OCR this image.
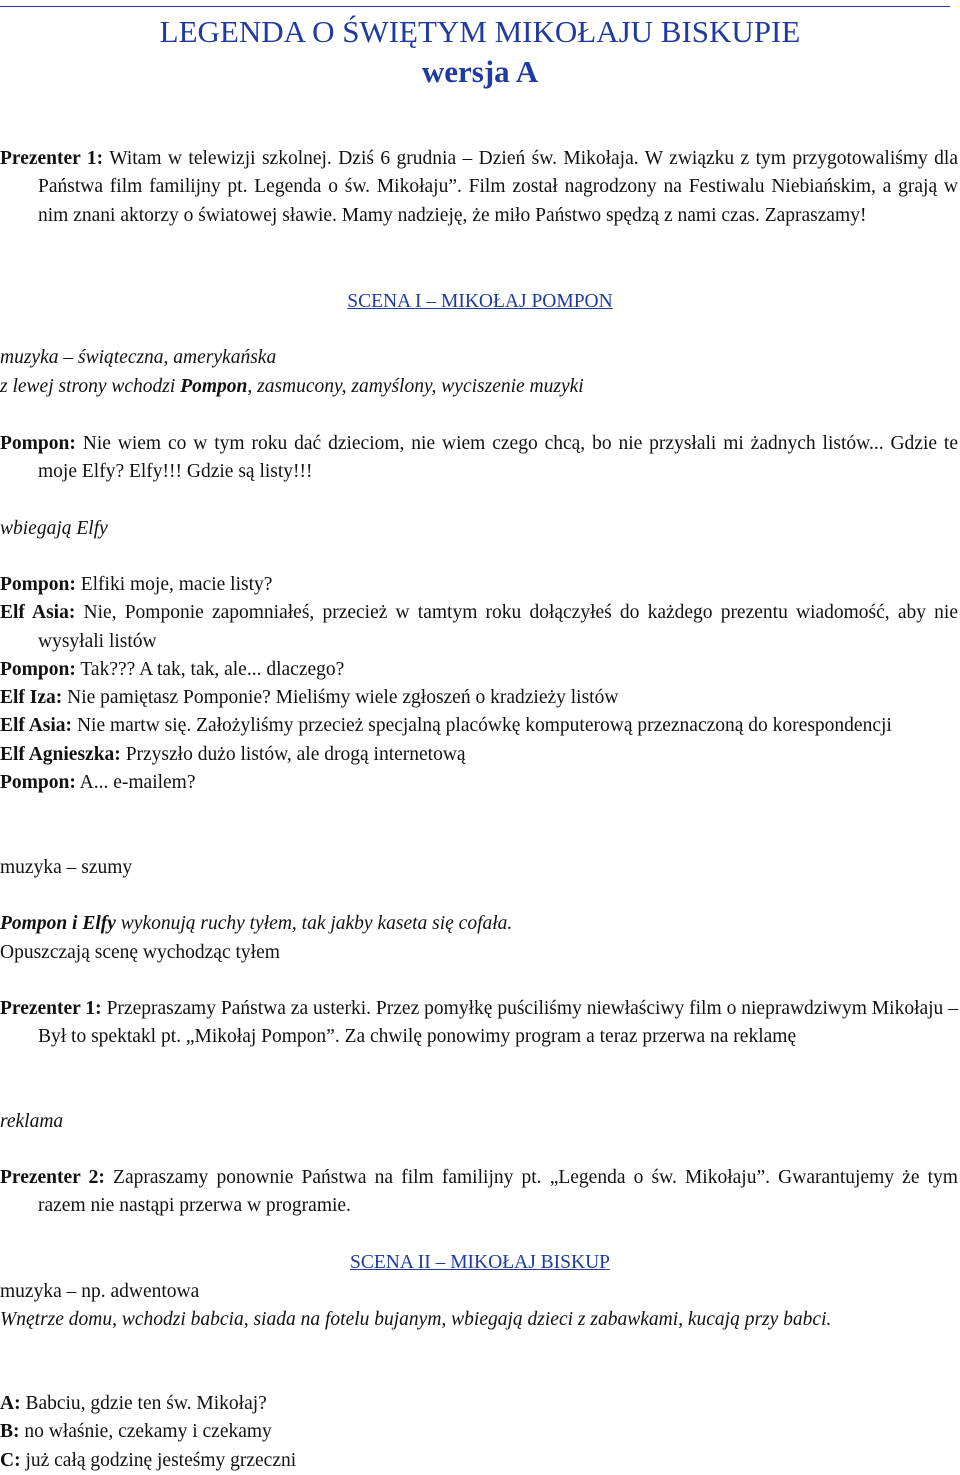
LEGENDA O ŚWIĘTYM MIKOŁAJU BISKUPIE
wersja A
Prezenter 1: Witam w telewizji szkolnej. Dziś 6 grudnia – Dzień św. Mikołaja. W związku z tym przygotowaliśmy dla Państwa film familijny pt. Legenda o św. Mikołaju”. Film został nagrodzony na Festiwalu Niebiańskim, a grają w nim znani aktorzy o światowej sławie. Mamy nadzieję, że miło Państwo spędzą z nami czas. Zapraszamy!
SCENA I – MIKOŁAJ POMPON
muzyka – świąteczna, amerykańska
z lewej strony wchodzi Pompon, zasmucony, zamyślony, wyciszenie muzyki
Pompon: Nie wiem co w tym roku dać dzieciom, nie wiem czego chcą, bo nie przysłali mi żadnych listów... Gdzie te moje Elfy? Elfy!!! Gdzie są listy!!!
wbiegają Elfy
Pompon: Elfiki moje, macie listy?
Elf Asia: Nie, Pomponie zapomniałeś, przecież w tamtym roku dołączyłeś do każdego prezentu wiadomość, aby nie wysyłali listów
Pompon: Tak??? A tak, tak, ale... dlaczego?
Elf Iza: Nie pamiętasz Pomponie? Mieliśmy wiele zgłoszeń o kradzieży listów
Elf Asia: Nie martw się. Założyliśmy przecież specjalną placówkę komputerową przeznaczoną do korespondencji
Elf Agnieszka: Przyszło dużo listów, ale drogą internetową
Pompon: A... e-mailem?
muzyka – szumy
Pompon i Elfy wykonują ruchy tyłem, tak jakby kaseta się cofała.
Opuszczają scenę wychodząc tyłem
Prezenter 1: Przepraszamy Państwa za usterki. Przez pomyłkę puściliśmy niewłaściwy film o nieprawdziwym Mikołaju – Był to spektakl pt. „Mikołaj Pompon”. Za chwilę ponowimy program a teraz przerwa na reklamę
reklama
Prezenter 2: Zapraszamy ponownie Państwa na film familijny pt. „Legenda o św. Mikołaju”. Gwarantujemy że tym razem nie nastąpi przerwa w programie.
SCENA II – MIKOŁAJ BISKUP
muzyka – np. adwentowa
Wnętrze domu, wchodzi babcia, siada na fotelu bujanym, wbiegają dzieci z zabawkami, kucają przy babci.
A: Babciu, gdzie ten św. Mikołaj?
B: no właśnie, czekamy i czekamy
C: już całą godzinę jesteśmy grzeczni
